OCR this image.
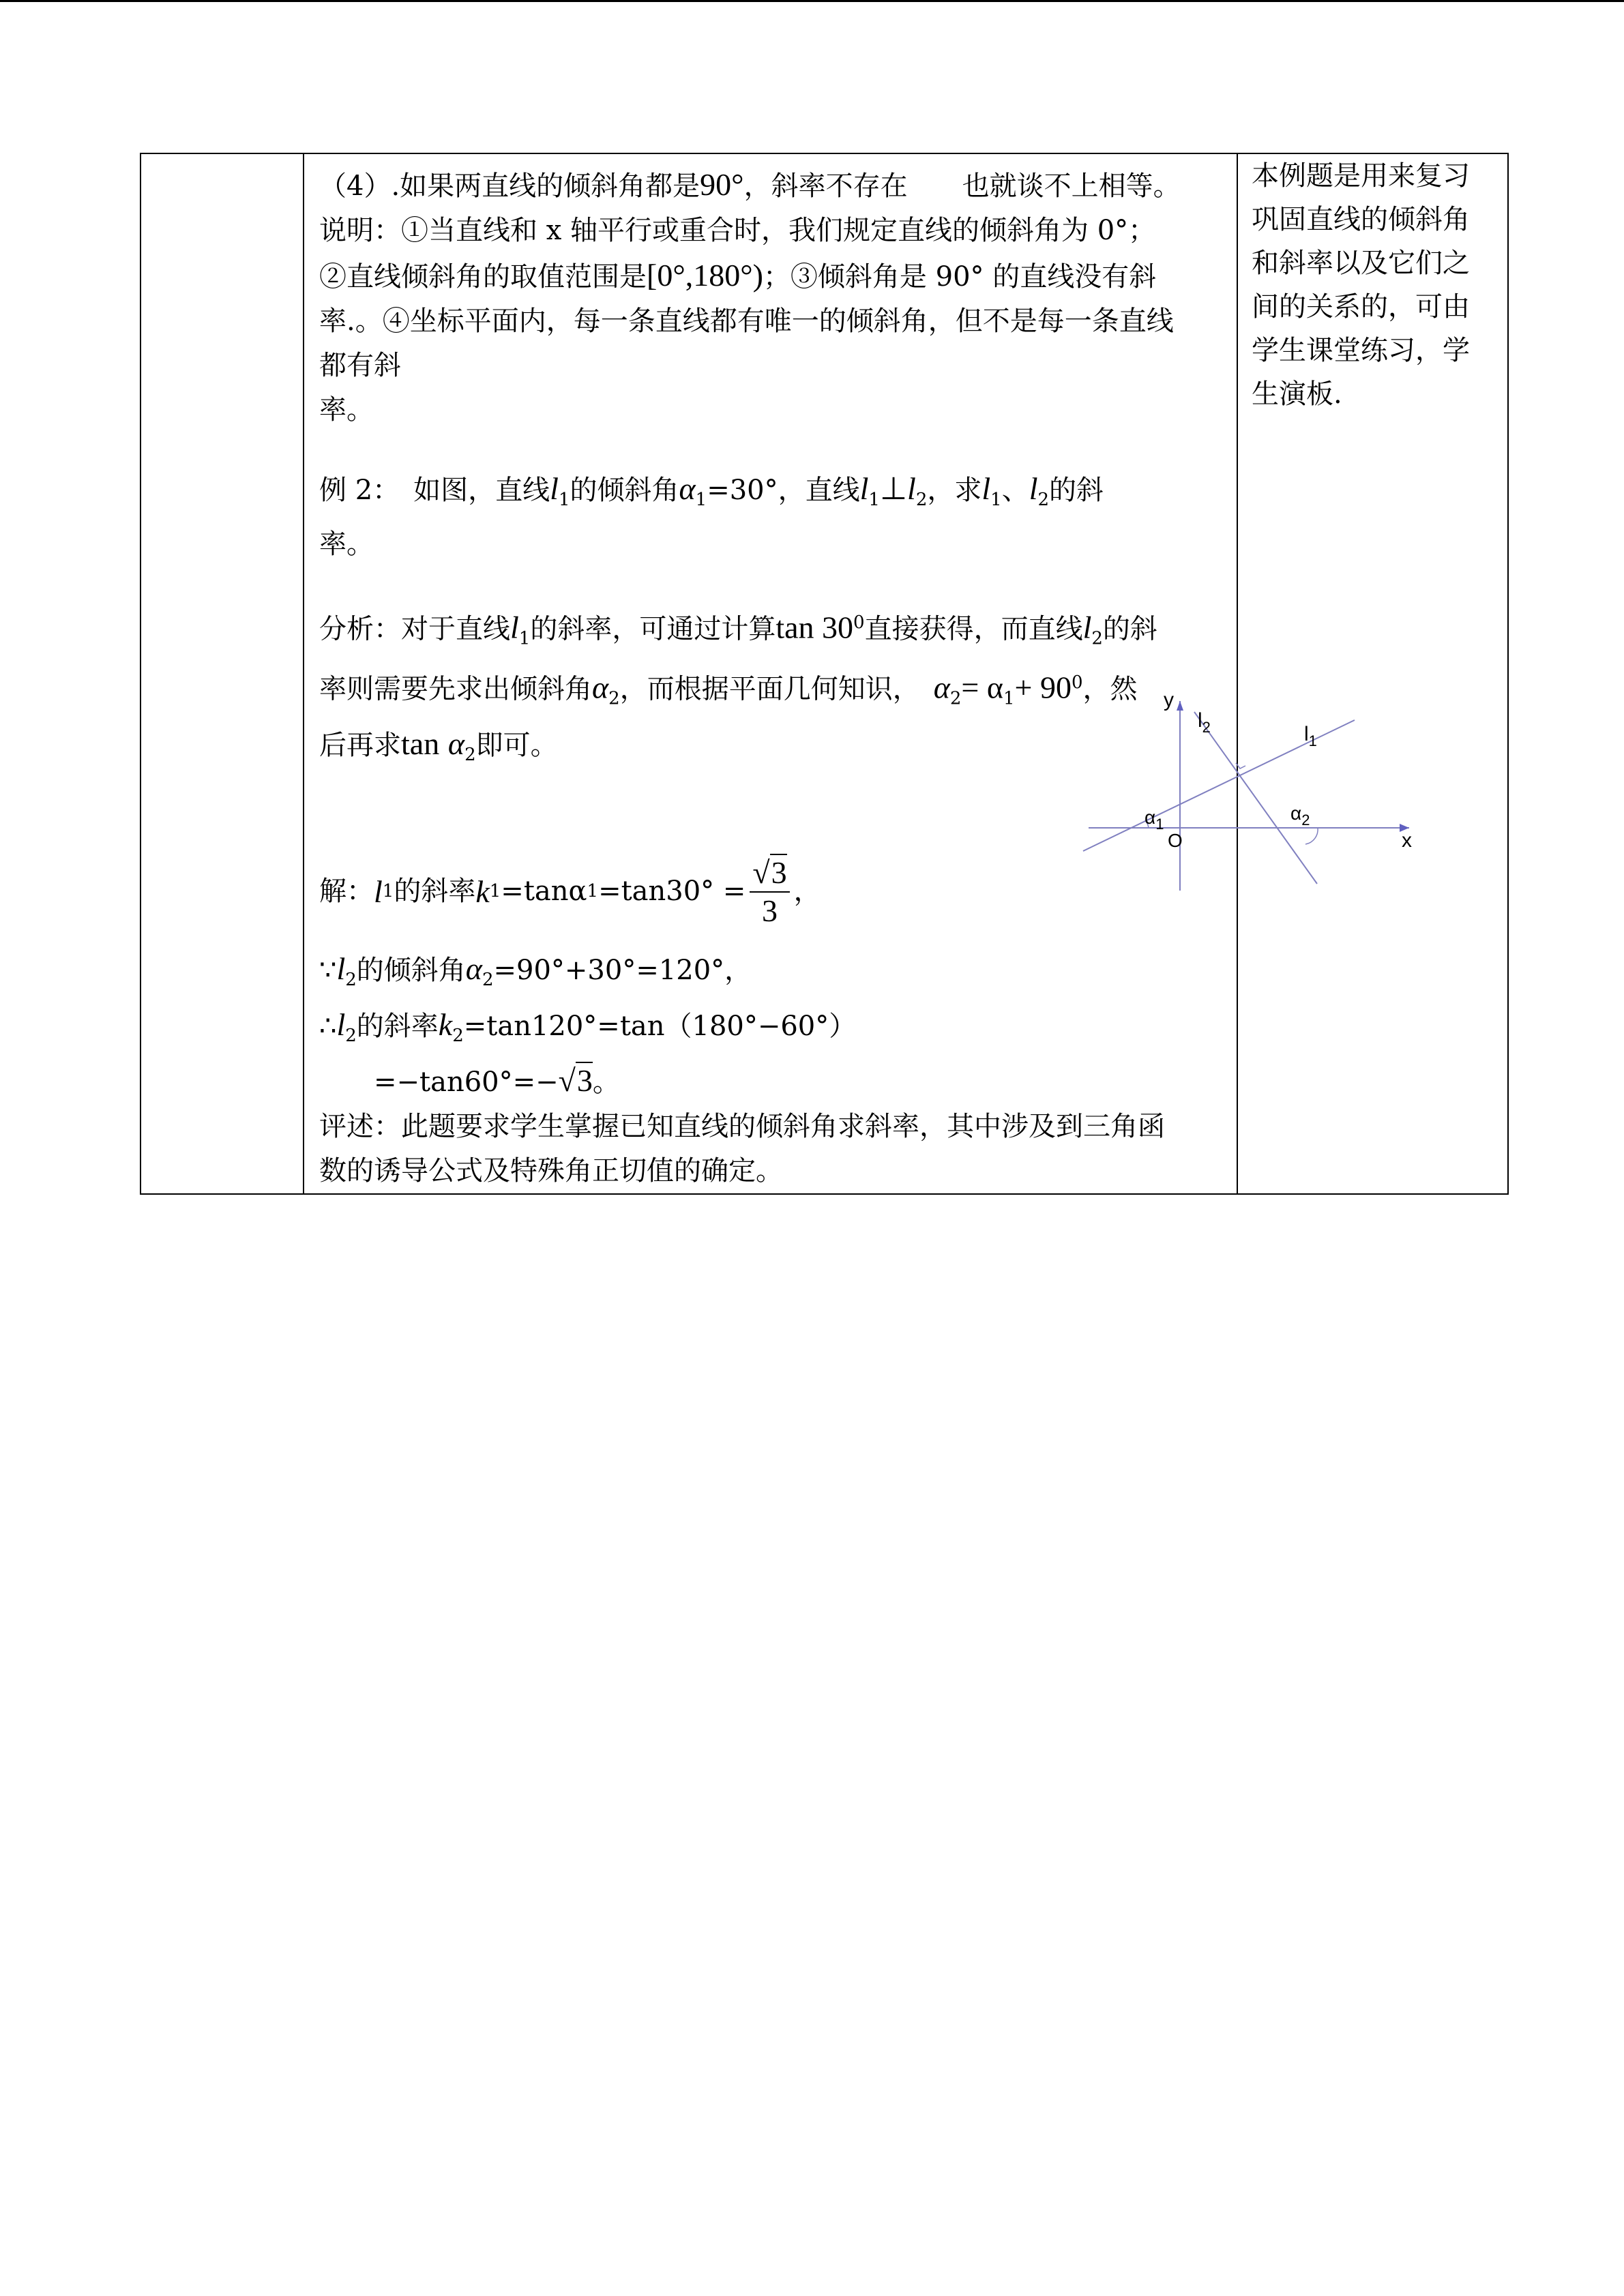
（4）.如果两直线的倾斜角都是90°，斜率不存在　　也就谈不上相等。

说明：①当直线和 x 轴平行或重合时，我们规定直线的倾斜角为 0°；

②直线倾斜角的取值范围是[0°,180°)；③倾斜角是 90° 的直线没有斜

率.。④坐标平面内，每一条直线都有唯一的倾斜角，但不是每一条直线

都有斜

率。

例 2：　如图，直线$l_1$的倾斜角$\alpha_1=30^\circ$，直线$l_1\perp l_2$，求$l_1$、$l_2$的斜

率。

分析：对于直线$l_1$的斜率，可通过计算$\tan 30^0$直接获得，而直线$l_2$的斜

率则需要先求出倾斜角$\alpha_2$，而根据平面几何知识，　 $\alpha_2= \alpha_1+ 90^0$，然

后再求$\tan \alpha_2$即可。

解： l 1 的斜率 k 1 =tanα 1 =tan30°
= $\frac{√3}{3}$ ，

$\because l_2$的倾斜角$\alpha_2=90^\circ+30^\circ=120^\circ$，

$\therefore l_2$的斜率$k_2=\tan 120^\circ=\tan(180^\circ-60^\circ)$

=−tan60°=−√3。

评述：此题要求学生掌握已知直线的倾斜角求斜率，其中涉及到三角函

数的诱导公式及特殊角正切值的确定。

y
x
O
$l_2$	$l_1$
$\alpha_1$
$\alpha_2$

本例题是用来复习
巩固直线的倾斜角
和斜率以及它们之
间的关系的，可由
学生课堂练习，学
生演板.
